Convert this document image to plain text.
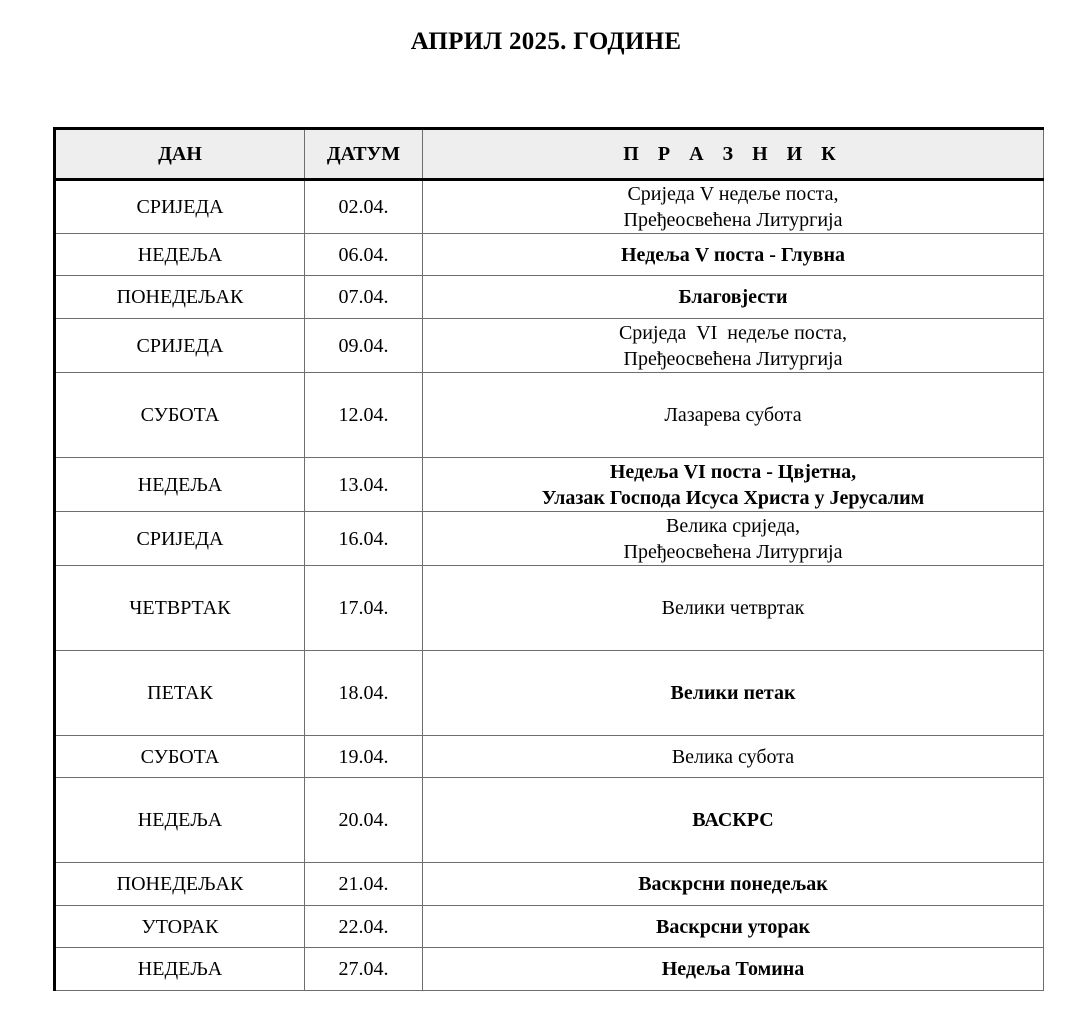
АПРИЛ 2025. ГОДИНЕ
ДАН	ДАТУМ	П Р А З Н И К
СРИЈЕДА	02.04.	Сриједа V недеље поста,
Пређеосвећена Литургија

НЕДЕЉА	06.04.	Недеља V поста - Глувна

ПОНЕДЕЉАК	07.04.	Благовјести

СРИЈЕДА	09.04.	Сриједа  VI  недеље поста,
Пређеосвећена Литургија

СУБОТА	12.04.	Лазарева субота

НЕДЕЉА	13.04.	Недеља VI поста - Цвјетна,
Улазак Господа Исуса Христа у Јерусалим

СРИЈЕДА	16.04.	Велика сриједа,
Пређеосвећена Литургија

ЧЕТВРТАК	17.04.	Велики четвртак

ПЕТАК	18.04.	Велики петак

СУБОТА	19.04.	Велика субота

НЕДЕЉА	20.04.	ВАСКРС

ПОНЕДЕЉАК	21.04.	Васкрсни понедељак

УТОРАК	22.04.	Васкрсни уторак

НЕДЕЉА	27.04.	Недеља Томина
